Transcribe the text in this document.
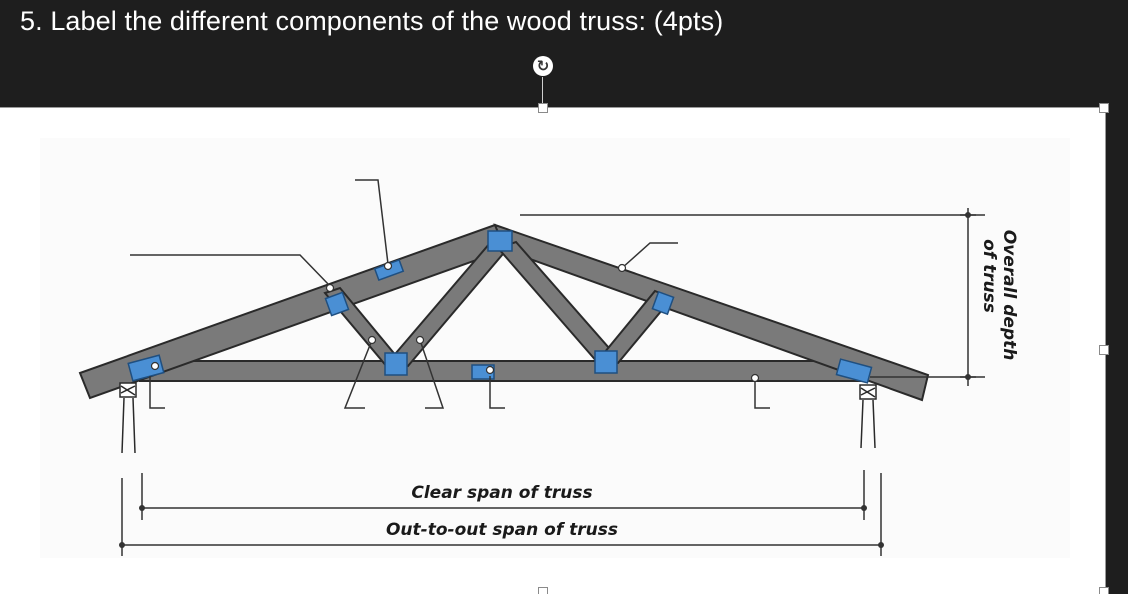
5. Label the different components of the wood truss: (4pts)
↻
Overall depth
of truss
Clear span of truss
Out-to-out span of truss
